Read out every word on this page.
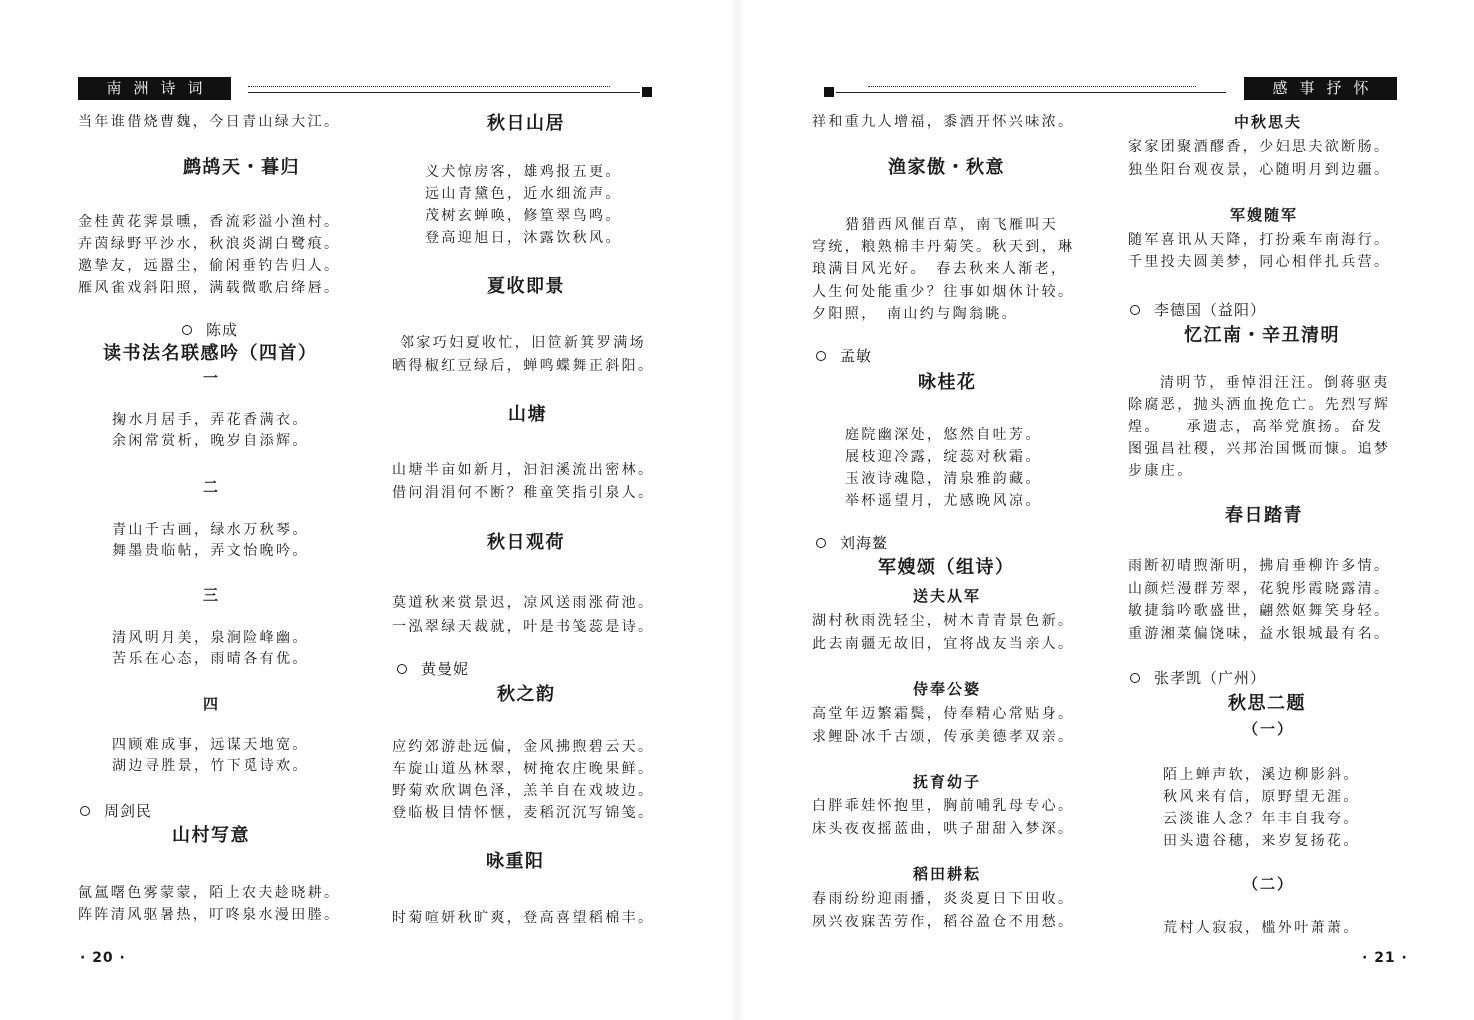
南洲诗词
当年谁借烧曹魏，今日青山绿大江。
鹧鸪天・暮归
金桂黄花霁景曛，香流彩溢小渔村。
卉茵绿野平沙水，秋浪炎湖白鹭痕。
邀挚友，远嚣尘，偷闲垂钓告归人。
雁风雀戏斜阳照，满载微歌启绛唇。
陈成
读书法名联感吟（四首）
一
掬水月居手，弄花香满衣。
余闲常赏析，晚岁自添辉。
二
青山千古画，绿水万秋琴。
舞墨贵临帖，弄文怡晚吟。
三
清风明月美，泉涧险峰幽。
苦乐在心态，雨晴各有优。
四
四顾难成事，远谋天地宽。
湖边寻胜景，竹下觅诗欢。
周剑民
山村写意
氤氲曙色雾蒙蒙，陌上农夫趁晓耕。
阵阵清风驱暑热，叮咚泉水漫田塍。
秋日山居
义犬惊房客，雄鸡报五更。
远山青黛色，近水细流声。
茂树玄蝉唤，修篁翠鸟鸣。
登高迎旭日，沐露饮秋风。
夏收即景
邻家巧妇夏收忙，旧笸新箕罗满场
晒得椒红豆绿后，蝉鸣蝶舞正斜阳。
山塘
山塘半亩如新月，汩汩溪流出密林。
借问涓涓何不断？稚童笑指引泉人。
秋日观荷
莫道秋来赏景迟，凉风送雨涨荷池。
一泓翠绿天裁就，叶是书笺蕊是诗。
黄曼妮
秋之韵
应约郊游赴远偏，金风拂煦碧云天。
车旋山道丛林翠，树掩农庄晚果鲜。
野菊欢欣调色泽，羔羊自在戏坡边。
登临极目情怀惬，麦稻沉沉写锦笺。
咏重阳
时菊喧妍秋旷爽，登高喜望稻棉丰。
· 20 ·
感事抒怀
祥和重九人增福，黍酒开怀兴味浓。
渔家傲・秋意
猎猎西风催百草，南飞雁叫天
穹统，粮熟棉丰丹菊笑。秋天到，琳
琅满目风光好。　春去秋来人渐老，
人生何处能重少？往事如烟休计较。
夕阳照，　南山约与陶翁眺。
孟敏
咏桂花
庭院幽深处，悠然自吐芳。
展枝迎冷露，绽蕊对秋霜。
玉液诗魂隐，清泉雅韵藏。
举杯遥望月，尤感晚风凉。
刘海鳌
军嫂颂（组诗）
送夫从军
湖村秋雨洗轻尘，树木青青景色新。
此去南疆无故旧，宜将战友当亲人。
侍奉公婆
高堂年迈繁霜鬓，侍奉精心常贴身。
求鲤卧冰千古颂，传承美德孝双亲。
抚育幼子
白胖乖娃怀抱里，胸前哺乳母专心。
床头夜夜摇蓝曲，哄子甜甜入梦深。
稻田耕耘
春雨纷纷迎雨播，炎炎夏日下田收。
夙兴夜寐苦劳作，稻谷盈仓不用愁。
中秋思夫
家家团聚酒醪香，少妇思夫欲断肠。
独坐阳台观夜景，心随明月到边疆。
军嫂随军
随军喜讯从天降，打扮乘车南海行。
千里投夫圆美梦，同心相伴扎兵营。
李德国（益阳）
忆江南・辛丑清明
清明节，垂悼泪汪汪。倒蒋驱夷
除腐恶，抛头洒血挽危亡。先烈写辉
煌。　　承遗志，高举党旗扬。奋发
图强昌社稷，兴邦治国慨而慷。追梦
步康庄。
春日踏青
雨断初晴煦渐明，拂肩垂柳许多情。
山颜烂漫群芳翠，花貌彤霞晓露清。
敏捷翁吟歌盛世，翩然妪舞笑身轻。
重游湘菜偏饶味，益水银城最有名。
张孝凯（广州）
秋思二题
（一）
陌上蝉声软，溪边柳影斜。
秋风来有信，原野望无涯。
云淡谁人念？年丰自我夸。
田头遗谷穗，来岁复扬花。
（二）
荒村人寂寂，槛外叶萧萧。
· 21 ·
